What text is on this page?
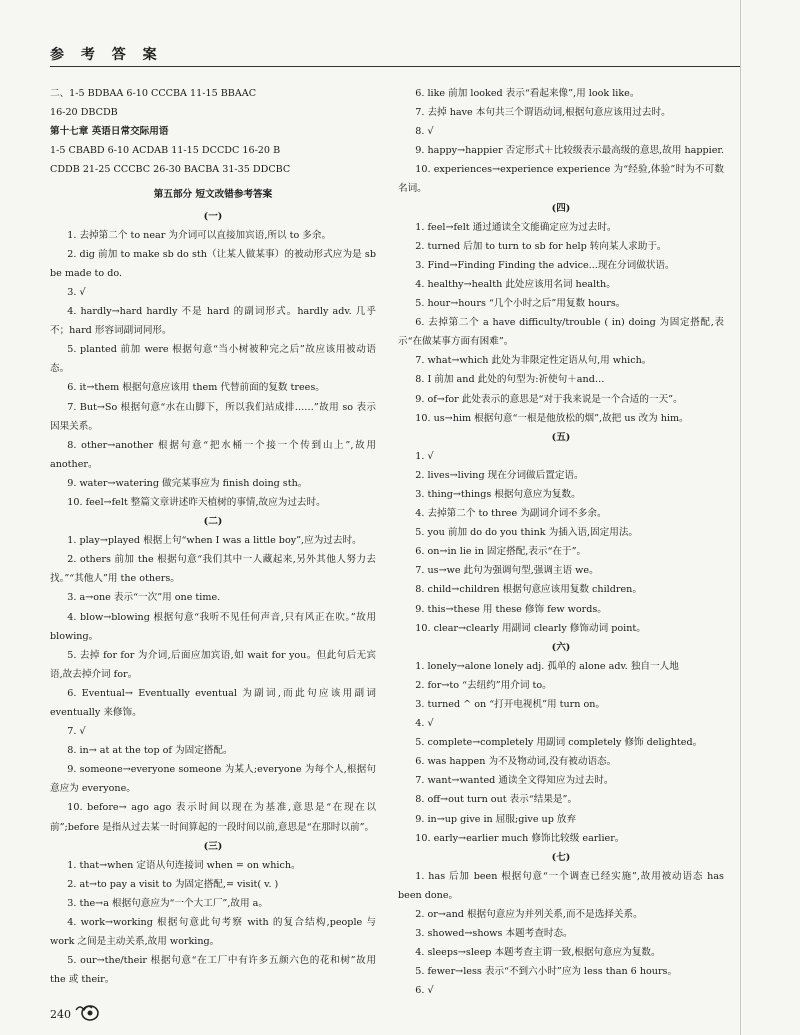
参 考 答 案
二、1-5 BDBAA 6-10 CCCBA 11-15 BBAAC
16-20 DBCDB
第十七章 英语日常交际用语
1-5 CBABD 6-10 ACDAB 11-15 DCCDC 16-20 B
CDDB 21-25 CCCBC 26-30 BACBA 31-35 DDCBC
第五部分 短文改错参考答案
(一)
1. 去掉第二个 to near 为介词可以直接加宾语,所以 to 多余。
2. dig 前加 to make sb do sth（让某人做某事）的被动形式应为是 sb be made to do.
3. √
4. hardly→hard hardly 不是 hard 的副词形式。hardly adv. 几乎不；hard 形容词副词同形。
5. planted 前加 were 根据句意“当小树被种完之后”故应该用被动语态。
6. it→them 根据句意应该用 them 代替前面的复数 trees。
7. But→So 根据句意“水在山脚下，所以我们站成排……”故用 so 表示因果关系。
8. other→another 根据句意“把水桶一个接一个传到山上”,故用 another。
9. water→watering 做完某事应为 finish doing sth。
10. feel→felt 整篇文章讲述昨天植树的事情,故应为过去时。
(二)
1. play→played 根据上句“when I was a little boy”,应为过去时。
2. others 前加 the 根据句意“我们其中一人藏起来,另外其他人努力去找。”“其他人”用 the others。
3. a→one 表示“一次”用 one time.
4. blow→blowing 根据句意“我听不见任何声音,只有风正在吹。”故用 blowing。
5. 去掉 for for 为介词,后面应加宾语,如 wait for you。但此句后无宾语,故去掉介词 for。
6. Eventual→ Eventually eventual 为副词,而此句应该用副词 eventually 来修饰。
7. √
8. in→ at at the top of 为固定搭配。
9. someone→everyone someone 为某人;everyone 为每个人,根据句意应为 everyone。
10. before→ ago ago 表示时间以现在为基准,意思是“在现在以前”;before 是指从过去某一时间算起的一段时间以前,意思是“在那时以前”。
(三)
1. that→when 定语从句连接词 when = on which。
2. at→to pay a visit to 为固定搭配,= visit( v. )
3. the→a 根据句意应为“一个大工厂”,故用 a。
4. work→working 根据句意此句考察 with 的复合结构,people 与 work 之间是主动关系,故用 working。
5. our→the/their 根据句意“在工厂中有许多五颜六色的花和树”故用 the 或 their。
6. like 前加 looked 表示“看起来像”,用 look like。
7. 去掉 have 本句共三个谓语动词,根据句意应该用过去时。
8. √
9. happy→happier 否定形式＋比较级表示最高级的意思,故用 happier.
10. experiences→experience experience 为“经验,体验”时为不可数名词。
(四)
1. feel→felt 通过通读全文能确定应为过去时。
2. turned 后加 to turn to sb for help 转向某人求助于。
3. Find→Finding Finding the advice...现在分词做状语。
4. healthy→health 此处应该用名词 health。
5. hour→hours “几个小时之后”用复数 hours。
6. 去掉第二个 a have difficulty/trouble ( in) doing 为固定搭配,表示“在做某事方面有困难”。
7. what→which 此处为非限定性定语从句,用 which。
8. I 前加 and 此处的句型为:祈使句＋and…
9. of→for 此处表示的意思是“对于我来说是一个合适的一天”。
10. us→him 根据句意“一根是他放松的烟”,故把 us 改为 him。
(五)
1. √
2. lives→living 现在分词做后置定语。
3. thing→things 根据句意应为复数。
4. 去掉第二个 to three 为副词介词不多余。
5. you 前加 do do you think 为插入语,固定用法。
6. on→in lie in 固定搭配,表示“在于”。
7. us→we 此句为强调句型,强调主语 we。
8. child→children 根据句意应该用复数 children。
9. this→these 用 these 修饰 few words。
10. clear→clearly 用副词 clearly 修饰动词 point。
(六)
1. lonely→alone lonely adj. 孤单的 alone adv. 独自一人地
2. for→to “去纽约”用介词 to。
3. turned ^ on “打开电视机”用 turn on。
4. √
5. complete→completely 用副词 completely 修饰 delighted。
6. was happen 为不及物动词,没有被动语态。
7. want→wanted 通读全文得知应为过去时。
8. off→out turn out 表示“结果是”。
9. in→up give in 屈服;give up 放弃
10. early→earlier much 修饰比较级 earlier。
(七)
1. has 后加 been 根据句意“一个调查已经实施”,故用被动语态 has been done。
2. or→and 根据句意应为并列关系,而不是选择关系。
3. showed→shows 本题考查时态。
4. sleeps→sleep 本题考查主谓一致,根据句意应为复数。
5. fewer→less 表示“不到六小时”应为 less than 6 hours。
6. √
240
